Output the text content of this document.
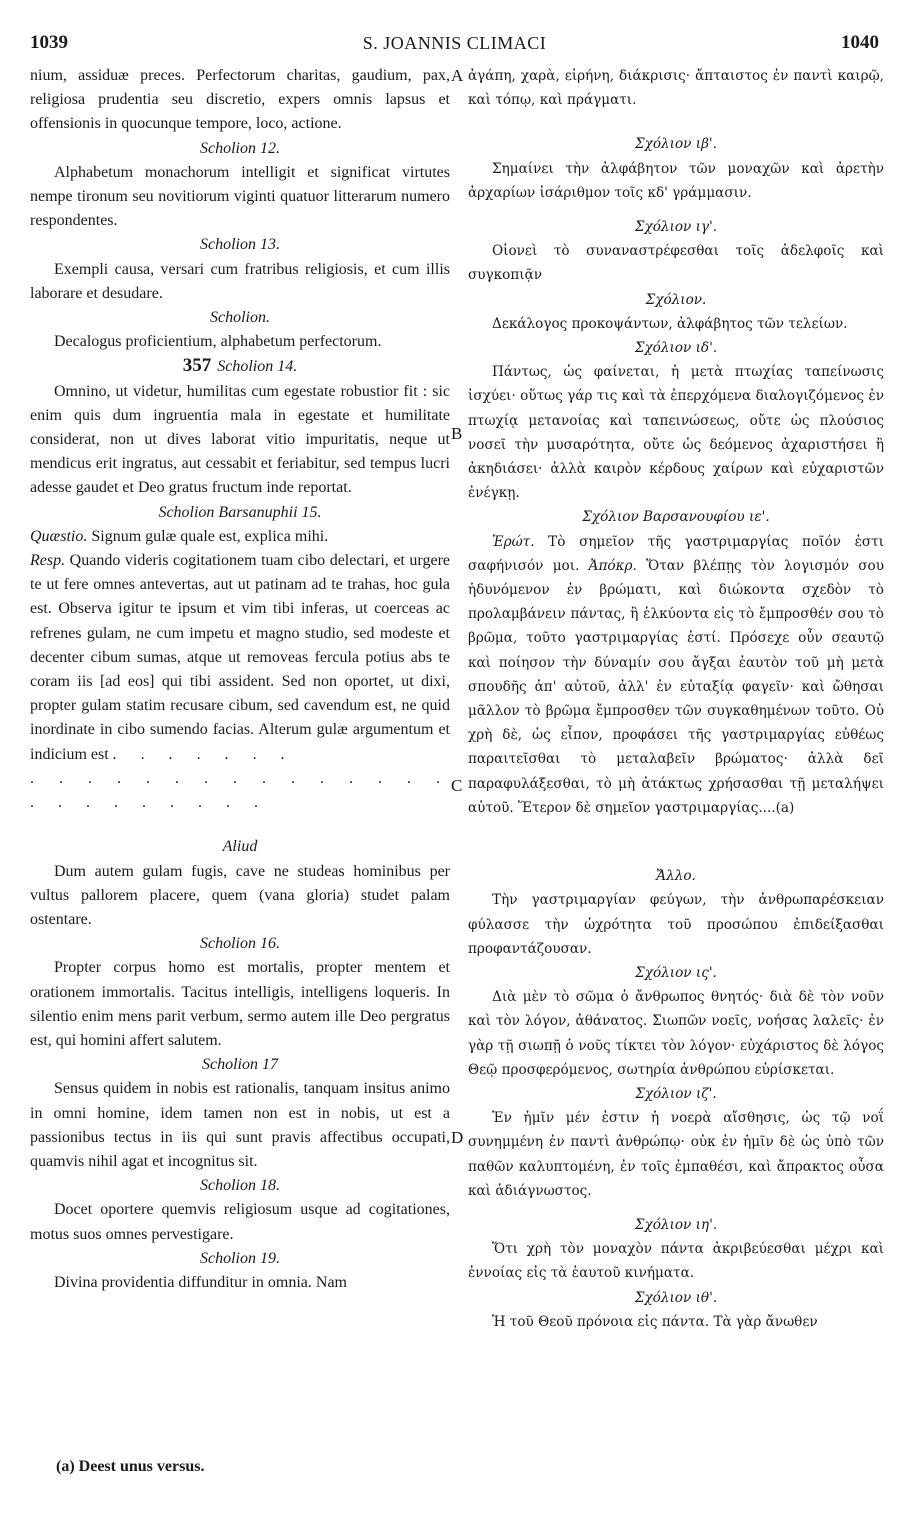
1039	S. JOANNIS CLIMACI	1040

nium, assiduæ preces. Perfectorum charitas, gaudium, pax, religiosa prudentia seu discretio, expers omnis lapsus et offensionis in quocunque tempore, loco, actione.

Scholion 12.

Alphabetum monachorum intelligit et significat virtutes nempe tironum seu novitiorum viginti quatuor litterarum numero respondentes.

Scholion 13.

Exempli causa, versari cum fratribus religiosis, et cum illis laborare et desudare.

Scholion.

Decalogus proficientium, alphabetum perfectorum.

357 Scholion 14.

Omnino, ut videtur, humilitas cum egestate robustior fit : sic enim quis dum ingruentia mala in egestate et humilitate considerat, non ut dives laborat vitio impuritatis, neque ut mendicus erit ingratus, aut cessabit et feriabitur, sed tempus lucri adesse gaudet et Deo gratus fructum inde reportat.

Scholion Barsanuphii 15.

Quæstio. Signum gulæ quale est, explica mihi.

Resp. Quando videris cogitationem tuam cibo delectari, et urgere te ut fere omnes antevertas, aut ut patinam ad te trahas, hoc gula est. Observa igitur te ipsum et vim tibi inferas, ut coerceas ac refrenes gulam, ne cum impetu et magno studio, sed modeste et decenter cibum sumas, atque ut removeas fercula potius abs te coram iis [ad eos] qui tibi assident. Sed non oportet, ut dixi, propter gulam statim recusare cibum, sed cavendum est, ne quid inordinate in cibo sumendo facias. Alterum gulæ argumentum et indicium est . . . . . . .

. . . . . . . . . . . . . . . . . . . . . . . .

Aliud

Dum autem gulam fugis, cave ne studeas hominibus per vultus pallorem placere, quem (vana gloria) studet palam ostentare.

Scholion 16.

Propter corpus homo est mortalis, propter mentem et orationem immortalis. Tacitus intelligis, intelligens loqueris. In silentio enim mens parit verbum, sermo autem ille Deo pergratus est, qui homini affert salutem.

Scholion 17

Sensus quidem in nobis est rationalis, tanquam insitus animo in omni homine, idem tamen non est in nobis, ut est a passionibus tectus in iis qui sunt pravis affectibus occupati, quamvis nihil agat et incognitus sit.

Scholion 18.

Docet oportere quemvis religiosum usque ad cogitationes, motus suos omnes pervestigare.

Scholion 19.

Divina providentia diffunditur in omnia. Nam

A
B
C
D

ἀγάπη, χαρὰ, εἰρήνη, διάκρισις· ἄπταιστος ἐν παντὶ καιρῷ, καὶ τόπῳ, καὶ πράγματι.

Σχόλιον ιβ'.

Σημαίνει τὴν ἀλφάβητον τῶν μοναχῶν καὶ ἀρετὴν ἀρχαρίων ἰσάριθμον τοῖς κδ' γράμμασιν.

Σχόλιον ιγ'.

Οἱονεὶ τὸ συναναστρέφεσθαι τοῖς ἀδελφοῖς καὶ συγκοπιᾷν

Σχόλιον.

Δεκάλογος προκοψάντων, ἀλφάβητος τῶν τελείων.

Σχόλιον ιδ'.

Πάντως, ὡς φαίνεται, ἡ μετὰ πτωχίας ταπείνωσις ἰσχύει· οὕτως γάρ τις καὶ τὰ ἐπερχόμενα διαλογιζόμενος ἐν πτωχίᾳ μετανοίας καὶ ταπεινώσεως, οὔτε ὡς πλούσιος νοσεῖ τὴν μυσαρότητα, οὔτε ὡς δεόμενος ἀχαριστήσει ἢ ἀκηδιάσει· ἀλλὰ καιρὸν κέρδους χαίρων καὶ εὐχαριστῶν ἐνέγκῃ.

Σχόλιον Βαρσανουφίου ιε'.

Ἐρώτ. Τὸ σημεῖον τῆς γαστριμαργίας ποῖόν ἐστι σαφήνισόν μοι. Ἀπόκρ. Ὅταν βλέπῃς τὸν λογισμόν σου ἡδυνόμενον ἐν βρώματι, καὶ διώκοντα σχεδὸν τὸ προλαμβάνειν πάντας, ἢ ἑλκύοντα εἰς τὸ ἔμπροσθέν σου τὸ βρῶμα, τοῦτο γαστριμαργίας ἐστί. Πρόσεχε οὖν σεαυτῷ καὶ ποίησον τὴν δύναμίν σου ἄγξαι ἑαυτὸν τοῦ μὴ μετὰ σπουδῆς ἀπ' αὐτοῦ, ἀλλ' ἐν εὐταξίᾳ φαγεῖν· καὶ ὤθησαι μᾶλλον τὸ βρῶμα ἔμπροσθεν τῶν συγκαθημένων τοῦτο. Οὐ χρὴ δὲ, ὡς εἶπον, προφάσει τῆς γαστριμαργίας εὐθέως παραιτεῖσθαι τὸ μεταλαβεῖν βρώματος· ἀλλὰ δεῖ παραφυλάξεσθαι, τὸ μὴ ἀτάκτως χρήσασθαι τῇ μεταλήψει αὐτοῦ. Ἕτερον δὲ σημεῖον γαστριμαργίας....(a)

Ἄλλο.

Τὴν γαστριμαργίαν φεύγων, τὴν ἀνθρωπαρέσκειαν φύλασσε τὴν ὠχρότητα τοῦ προσώπου ἐπιδείξασθαι προφαντάζουσαν.

Σχόλιον ις'.

Διὰ μὲν τὸ σῶμα ὁ ἄνθρωπος θνητός· διὰ δὲ τὸν νοῦν καὶ τὸν λόγον, ἀθάνατος. Σιωπῶν νοεῖς, νοήσας λαλεῖς· ἐν γὰρ τῇ σιωπῇ ὁ νοῦς τίκτει τὸν λόγον· εὐχάριστος δὲ λόγος Θεῷ προσφερόμενος, σωτηρία ἀνθρώπου εὑρίσκεται.

Σχόλιον ιζ'.

Ἐν ἡμῖν μέν ἐστιν ἡ νοερὰ αἴσθησις, ὡς τῷ νοΐ συνημμένη ἐν παντὶ ἀνθρώπῳ· οὐκ ἐν ἡμῖν δὲ ὡς ὑπὸ τῶν παθῶν καλυπτομένη, ἐν τοῖς ἐμπαθέσι, καὶ ἄπρακτος οὖσα καὶ ἀδιάγνωστος.

Σχόλιον ιη'.

Ὅτι χρὴ τὸν μοναχὸν πάντα ἀκριβεύεσθαι μέχρι καὶ ἐννοίας εἰς τὰ ἑαυτοῦ κινήματα.

Σχόλιον ιθ'.

Ἡ τοῦ Θεοῦ πρόνοια εἰς πάντα. Τὰ γὰρ ἄνωθεν

(a) Deest unus versus.
